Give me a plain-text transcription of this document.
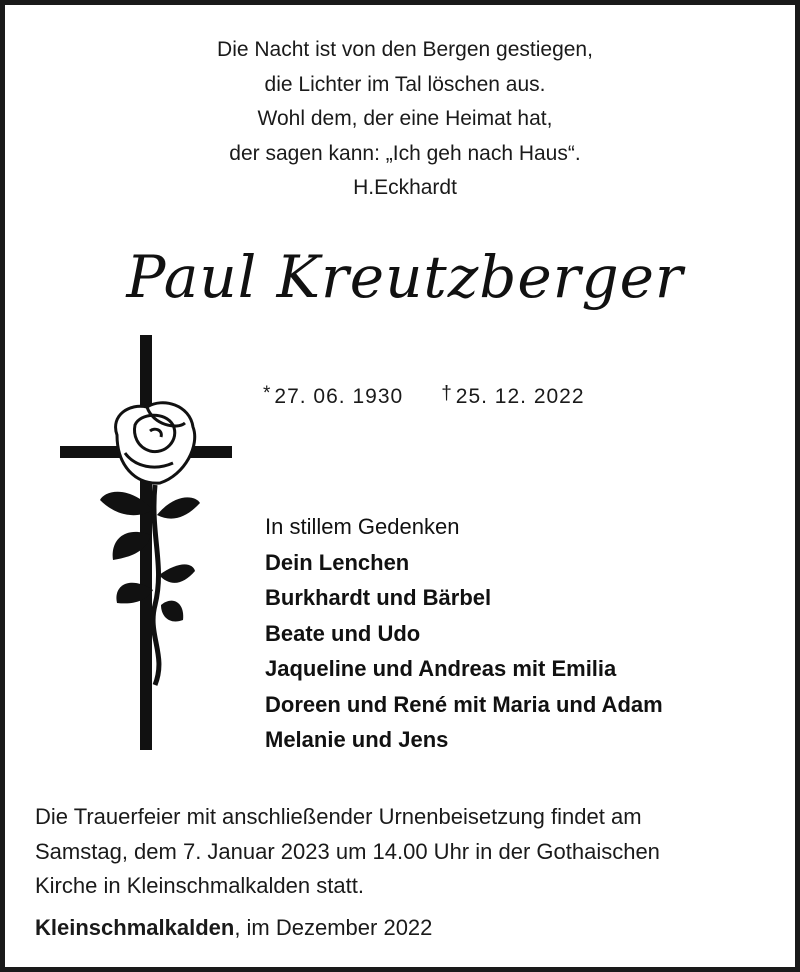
Die Nacht ist von den Bergen gestiegen,
die Lichter im Tal löschen aus.
Wohl dem, der eine Heimat hat,
der sagen kann: „Ich geh nach Haus“.
H.Eckhardt
Paul Kreutzberger
* 27. 06. 1930 † 25. 12. 2022
In stillem Gedenken
Dein Lenchen
Burkhardt und Bärbel
Beate und Udo
Jaqueline und Andreas mit Emilia
Doreen und René mit Maria und Adam
Melanie und Jens
Die Trauerfeier mit anschließender Urnenbeisetzung findet am
Samstag, dem 7. Januar 2023 um 14.00 Uhr in der Gothaischen
Kirche in Kleinschmalkalden statt.
Kleinschmalkalden, im Dezember 2022
